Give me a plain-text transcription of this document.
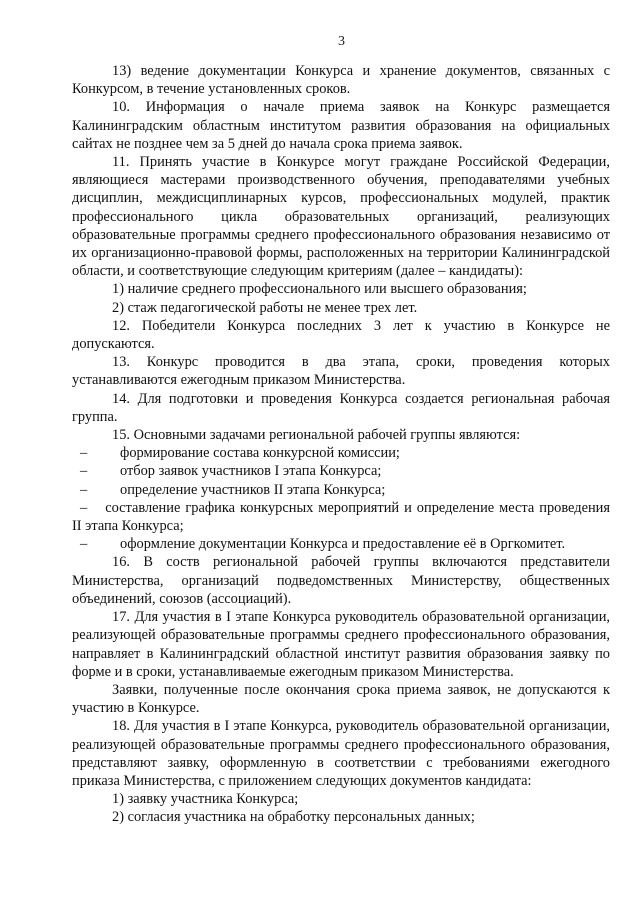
3

13) ведение документации Конкурса и хранение документов, связанных с Конкурсом, в течение установленных сроков.

10. Информация о начале приема заявок на Конкурс размещается Калининградским областным институтом развития образования на официальных сайтах не позднее чем за 5 дней до начала срока приема заявок.

11. Принять участие в Конкурсе могут граждане Российской Федерации, являющиеся мастерами производственного обучения, преподавателями учебных дисциплин, междисциплинарных курсов, профессиональных модулей, практик профессионального цикла образовательных организаций, реализующих образовательные программы среднего профессионального образования независимо от их организационно-правовой формы, расположенных на территории Калининградской области, и соответствующие следующим критериям (далее – кандидаты):

1) наличие среднего профессионального или высшего образования;

2) стаж педагогической работы не менее трех лет.

12. Победители Конкурса последних 3 лет к участию в Конкурсе не допускаются.

13. Конкурс проводится в два этапа, сроки, проведения которых устанавливаются ежегодным приказом Министерства.

14. Для подготовки и проведения Конкурса создается региональная рабочая группа.

15. Основными задачами региональной рабочей группы являются:

–	формирование состава конкурсной комиссии;
–	отбор заявок участников I этапа Конкурса;
–	определение участников II этапа Конкурса;

– составление графика конкурсных мероприятий и определение места проведения II этапа Конкурса;

–	оформление документации Конкурса и предоставление её в Оргкомитет.

16. В соств региональной рабочей группы включаются представители Министерства, организаций подведомственных Министерству, общественных объединений, союзов (ассоциаций).

17. Для участия в I этапе Конкурса руководитель образовательной организации, реализующей образовательные программы среднего профессионального образования, направляет в Калининградский областной институт развития образования заявку по форме и в сроки, устанавливаемые ежегодным приказом Министерства.

Заявки, полученные после окончания срока приема заявок, не допускаются к участию в Конкурсе.

18. Для участия в I этапе Конкурса, руководитель образовательной организации, реализующей образовательные программы среднего профессионального образования, представляют заявку, оформленную в соответствии с требованиями ежегодного приказа Министерства, с приложением следующих документов кандидата:

1) заявку участника Конкурса;

2) согласия участника на обработку персональных данных;
